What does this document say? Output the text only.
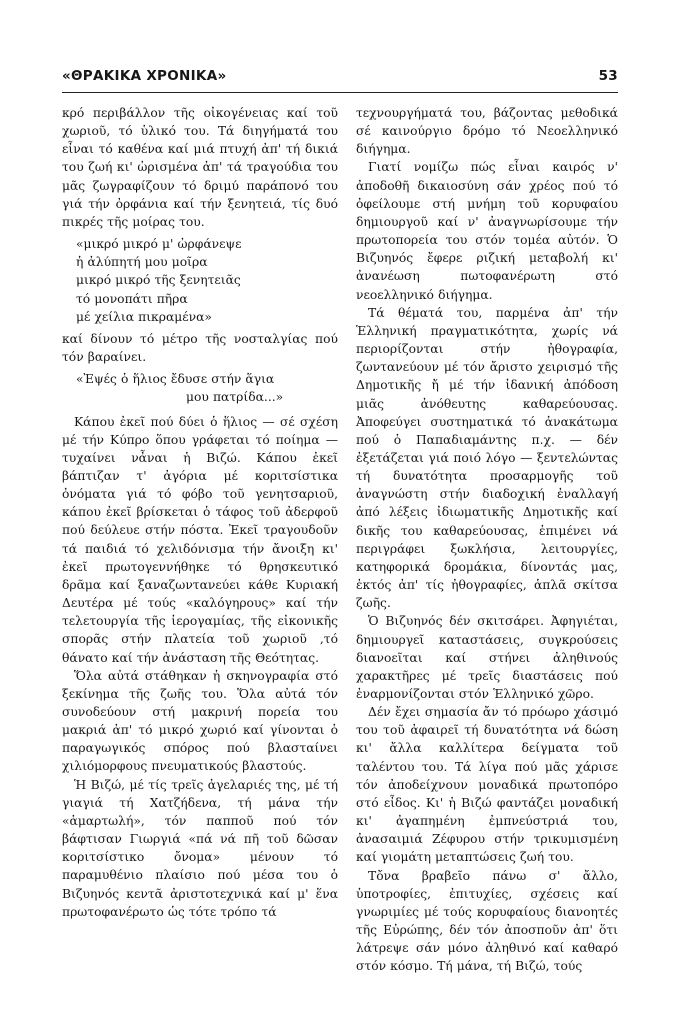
«ΘΡΑΚΙΚΑ ΧΡΟΝΙΚΑ»	53

κρό περιβάλλον τῆς οἰκογένειας καί τοῦ χωριοῦ, τό ὑλικό του. Τά διηγήματά του εἶναι τό καθένα καί μιά πτυχή ἀπ' τή δικιά του ζωή κι' ὡρισμένα ἀπ' τά τραγούδια του μᾶς ζωγραφίζουν τό δριμύ παράπονό του γιά τήν ὀρφάνια καί τήν ξενητειά, τίς δυό πικρές τῆς μοίρας του.

«μικρό μικρό μ' ὠρφάνεψε
ἡ ἀλύπητή μου μοῖρα
μικρό μικρό τῆς ξενητειᾶς
τό μονοπάτι πῆρα
μέ χείλια πικραμένα»

καί δίνουν τό μέτρο τῆς νοσταλγίας πού τόν βαραίνει.

«Ἐψές ὁ ἥλιος ἔδυσε στήν ἅγια
μου πατρίδα...»

Κάπου ἐκεῖ πού δύει ὁ ἥλιος — σέ σχέση μέ τήν Κύπρο ὅπου γράφεται τό ποίημα — τυχαίνει νἆναι ἡ Βιζώ. Κάπου ἐκεῖ βάπτιζαν τ' ἀγόρια μέ κοριτσίστικα ὀνόματα γιά τό φόβο τοῦ γενητσαριοῦ, κάπου ἐκεῖ βρίσκεται ὁ τάφος τοῦ ἀδερφοῦ πού δεύλευε στήν πόστα. Ἐκεῖ τραγουδοῦν τά παιδιά τό χελιδόνισμα τήν ἄνοιξη κι' ἐκεῖ πρωτογεννήθηκε τό θρησκευτικό δρᾶμα καί ξαναζωντανεύει κάθε Κυριακή Δευτέρα μέ τούς «καλόγηρους» καί τήν τελετουργία τῆς ἱερογαμίας, τῆς εἰκονικῆς σπορᾶς στήν πλατεία τοῦ χωριοῦ ,τό θάνατο καί τήν ἀνάσταση τῆς Θεότητας.

Ὅλα αὐτά στάθηκαν ἡ σκηνογραφία στό ξεκίνημα τῆς ζωῆς του. Ὅλα αὐτά τόν συνοδεύουν στή μακρινή πορεία του μακριά ἀπ' τό μικρό χωριό καί γίνονται ὁ παραγωγικός σπόρος πού βλασταίνει χιλιόμορφους πνευματικούς βλαστούς.

Ἡ Βιζώ, μέ τίς τρεῖς ἀγελαριές της, μέ τή γιαγιά τή Χατζήδενα, τή μάνα τήν «ἁμαρτωλή», τόν παπποῦ πού τόν βάφτισαν Γιωργιά «πά νά πῆ τοῦ δῶσαν κοριτσίστικο ὄνομα» μένουν τό παραμυθένιο πλαίσιο πού μέσα του ὁ Βιζυηνός κεντᾶ ἀριστοτεχνικά καί μ' ἕνα πρωτοφανέρωτο ὡς τότε τρόπο τά

τεχνουργήματά του, βάζοντας μεθοδικά σέ καινούργιο δρόμο τό Νεοελληνικό διήγημα.

Γιατί νομίζω πώς εἶναι καιρός ν' ἀποδοθῆ δικαιοσύνη σάν χρέος πού τό ὀφείλουμε στή μνήμη τοῦ κορυφαίου δημιουργοῦ καί ν' ἀναγνωρίσουμε τήν πρωτοπορεία του στόν τομέα αὐτόν. Ὁ Βιζυηνός ἔφερε ριζική μεταβολή κι' ἀνανέωση πωτοφανέρωτη στό νεοελληνικό διήγημα.

Τά θέματά του, παρμένα ἀπ' τήν Ἑλληνική πραγματικότητα, χωρίς νά περιορίζονται στήν ἠθογραφία, ζωντανεύουν μέ τόν ἄριστο χειρισμό τῆς Δημοτικῆς ἤ μέ τήν ἰδανική ἀπόδοση μιᾶς ἀνόθευτης καθαρεύουσας. Ἀποφεύγει συστηματικά τό ἀνακάτωμα πού ὁ Παπαδιαμάντης π.χ. — δέν ἐξετάζεται γιά ποιό λόγο — ξεντελώντας τή δυνατότητα προσαρμογῆς τοῦ ἀναγνώστη στήν διαδοχική ἐναλλαγή ἀπό λέξεις ἰδιωματικῆς Δημοτικῆς καί δικῆς του καθαρεύουσας, ἐπιμένει νά περιγράφει ξωκλήσια, λειτουργίες, κατηφορικά δρομάκια, δίνοντάς μας, ἐκτός ἀπ' τίς ἠθογραφίες, ἁπλᾶ σκίτσα ζωῆς.

Ὁ Βιζυηνός δέν σκιτσάρει. Ἀφηγιέται, δημιουργεῖ καταστάσεις, συγκρούσεις διανοεῖται καί στήνει ἀληθινούς χαρακτῆρες μέ τρεῖς διαστάσεις πού ἐναρμονίζονται στόν Ἑλληνικό χῶρο.

Δέν ἔχει σημασία ἄν τό πρόωρο χάσιμό του τοῦ ἀφαιρεῖ τή δυνατότητα νά δώση κι' ἄλλα καλλίτερα δείγματα τοῦ ταλέντου του. Τά λίγα πού μᾶς χάρισε τόν ἀποδείχνουν μοναδικά πρωτοπόρο στό εἶδος. Κι' ἡ Βιζώ φαντάζει μοναδική κι' ἀγαπημένη ἐμπνεύστριά του, ἀνασαιμιά Ζέφυρου στήν τρικυμισμένη καί γιομάτη μεταπτώσεις ζωή του.

Τὄνα βραβεῖο πάνω σ' ἄλλο, ὑποτροφίες, ἐπιτυχίες, σχέσεις καί γνωριμίες μέ τούς κορυφαίους διανοητές τῆς Εὐρώπης, δέν τόν ἀποσποῦν ἀπ' ὅτι λάτρεψε σάν μόνο ἀληθινό καί καθαρό στόν κόσμο. Τή μάνα, τή Βιζώ, τούς
